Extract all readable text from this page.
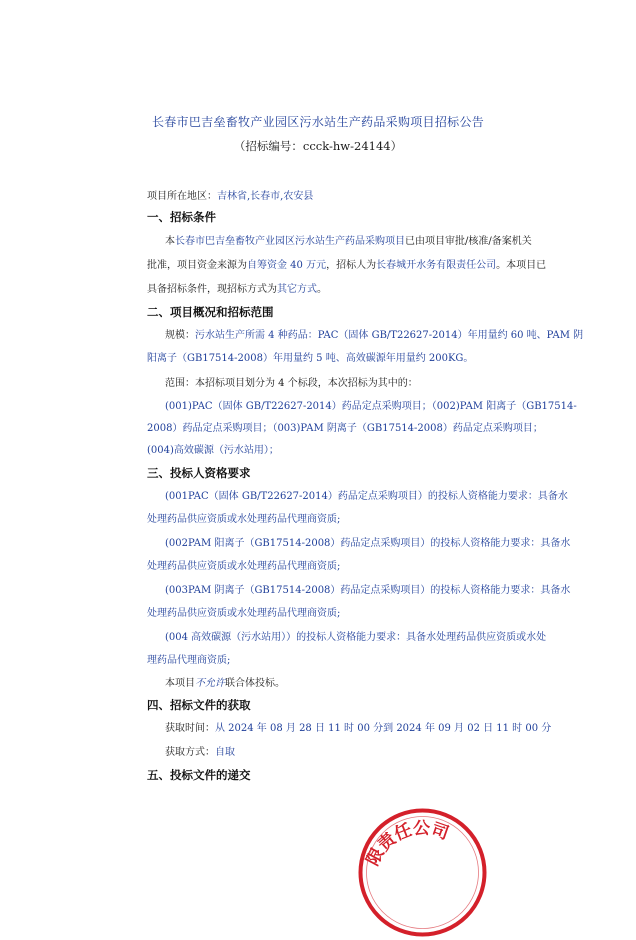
长春市巴吉垒畜牧产业园区污水站生产药品采购项目招标公告
（招标编号：ccck-hw-24144）
项目所在地区：吉林省,长春市,农安县
一、招标条件
本长春市巴吉垒畜牧产业园区污水站生产药品采购项目已由项目审批/核准/备案机关
批准，项目资金来源为自筹资金 40 万元，招标人为长春城开水务有限责任公司。本项目已
具备招标条件，现招标方式为其它方式。
二、项目概况和招标范围
规模：污水站生产所需 4 种药品：PAC（固体 GB/T22627-2014）年用量约 60 吨、PAM 阴
阳离子（GB17514-2008）年用量约 5 吨、高效碳源年用量约 200KG。
范围：本招标项目划分为 4 个标段，本次招标为其中的：
(001)PAC（固体 GB/T22627-2014）药品定点采购项目；（002)PAM 阳离子（GB17514-
2008）药品定点采购项目；（003)PAM 阴离子（GB17514-2008）药品定点采购项目；
(004)高效碳源（污水站用）；
三、投标人资格要求
(001PAC（固体 GB/T22627-2014）药品定点采购项目）的投标人资格能力要求：具备水
处理药品供应资质或水处理药品代理商资质;
(002PAM 阳离子（GB17514-2008）药品定点采购项目）的投标人资格能力要求：具备水
处理药品供应资质或水处理药品代理商资质;
(003PAM 阴离子（GB17514-2008）药品定点采购项目）的投标人资格能力要求：具备水
处理药品供应资质或水处理药品代理商资质;
(004 高效碳源（污水站用））的投标人资格能力要求：具备水处理药品供应资质或水处
理药品代理商资质;
本项目不允许联合体投标。
四、招标文件的获取
获取时间：从 2024 年 08 月 28 日 11 时 00 分到 2024 年 09 月 02 日 11 时 00 分
获取方式：自取
五、投标文件的递交
限责任公司
